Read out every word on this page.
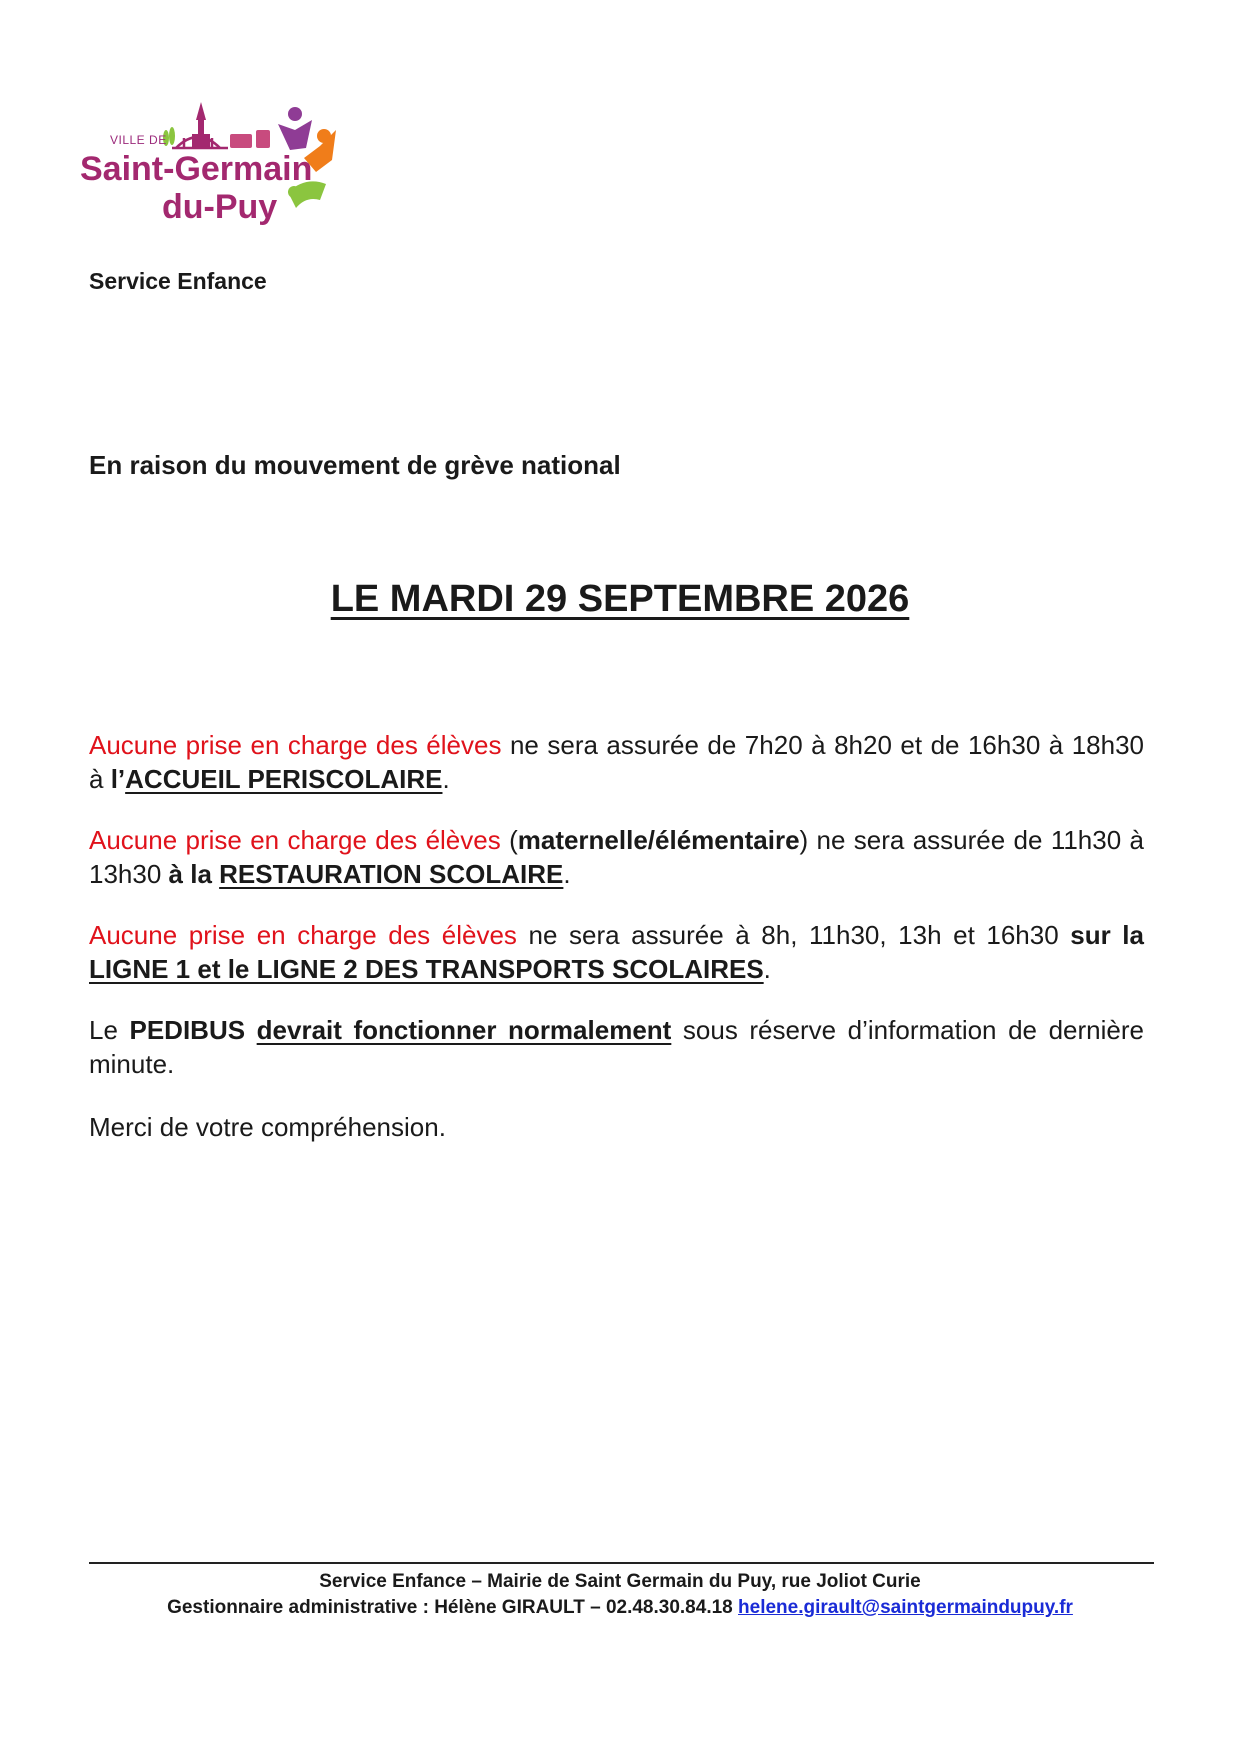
VILLE DE
Saint-Germain
du-Puy
Service Enfance
En raison du mouvement de grève national
LE MARDI 29 SEPTEMBRE 2026
Aucune prise en charge des élèves ne sera assurée de 7h20 à 8h20 et de 16h30 à 18h30 à l’ACCUEIL PERISCOLAIRE.
Aucune prise en charge des élèves (maternelle/élémentaire) ne sera assurée de 11h30 à 13h30 à la RESTAURATION SCOLAIRE.
Aucune prise en charge des élèves ne sera assurée à 8h, 11h30, 13h et 16h30 sur la LIGNE 1 et le LIGNE 2 DES TRANSPORTS SCOLAIRES.
Le PEDIBUS devrait fonctionner normalement sous réserve d’information de dernière minute.
Merci de votre compréhension.
Service Enfance – Mairie de Saint Germain du Puy, rue Joliot Curie
Gestionnaire administrative : Hélène GIRAULT – 02.48.30.84.18 helene.girault@saintgermaindupuy.fr
